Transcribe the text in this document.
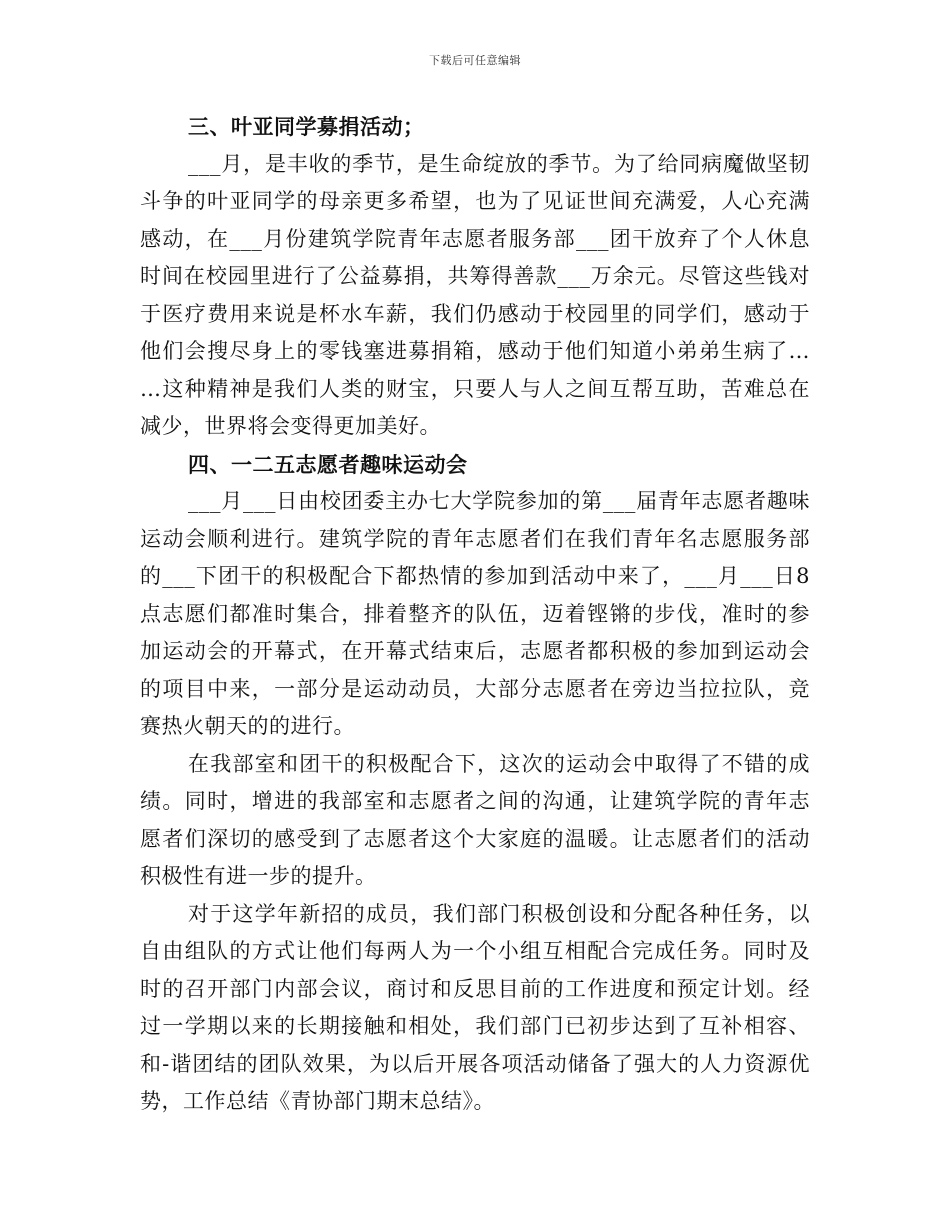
下载后可任意编辑
三、叶亚同学募捐活动；
___月，是丰收的季节，是生命绽放的季节。为了给同病魔做坚韧
斗争的叶亚同学的母亲更多希望，也为了见证世间充满爱，人心充满
感动，在___月份建筑学院青年志愿者服务部___团干放弃了个人休息
时间在校园里进行了公益募捐，共筹得善款___万余元。尽管这些钱对
于医疗费用来说是杯水车薪，我们仍感动于校园里的同学们，感动于
他们会搜尽身上的零钱塞进募捐箱，感动于他们知道小弟弟生病了…
…这种精神是我们人类的财宝，只要人与人之间互帮互助，苦难总在
减少，世界将会变得更加美好。
四、一二五志愿者趣味运动会
___月___日由校团委主办七大学院参加的第___届青年志愿者趣味
运动会顺利进行。建筑学院的青年志愿者们在我们青年名志愿服务部
的___下团干的积极配合下都热情的参加到活动中来了，___月___日8
点志愿们都准时集合，排着整齐的队伍，迈着铿锵的步伐，准时的参
加运动会的开幕式，在开幕式结束后，志愿者都积极的参加到运动会
的项目中来，一部分是运动动员，大部分志愿者在旁边当拉拉队，竞
赛热火朝天的的进行。
在我部室和团干的积极配合下，这次的运动会中取得了不错的成
绩。同时，增进的我部室和志愿者之间的沟通，让建筑学院的青年志
愿者们深切的感受到了志愿者这个大家庭的温暖。让志愿者们的活动
积极性有进一步的提升。
对于这学年新招的成员，我们部门积极创设和分配各种任务，以
自由组队的方式让他们每两人为一个小组互相配合完成任务。同时及
时的召开部门内部会议，商讨和反思目前的工作进度和预定计划。经
过一学期以来的长期接触和相处，我们部门已初步达到了互补相容、
和-谐团结的团队效果，为以后开展各项活动储备了强大的人力资源优
势，工作总结《青协部门期末总结》。
